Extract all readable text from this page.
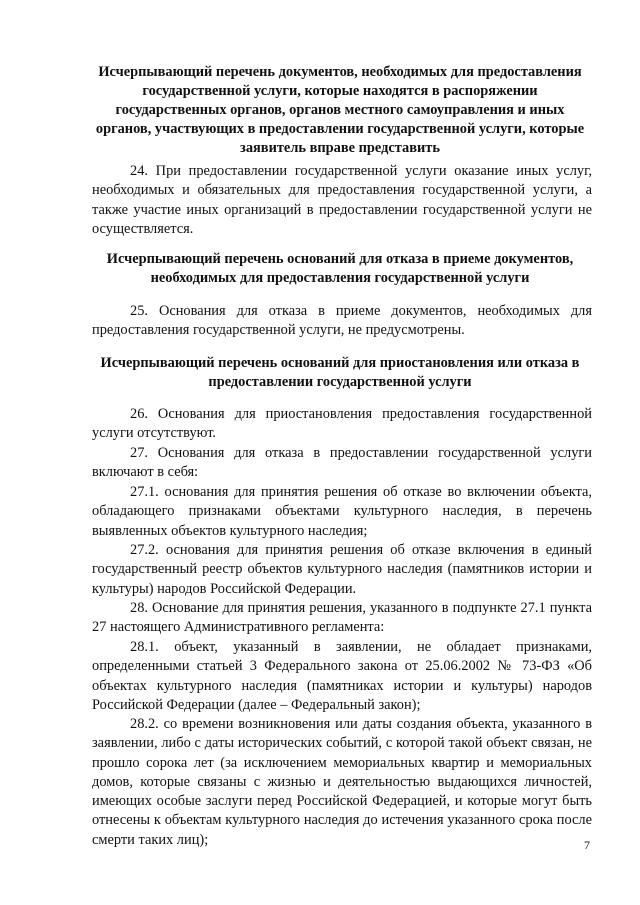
Исчерпывающий перечень документов, необходимых для предоставления государственной услуги, которые находятся в распоряжении государственных органов, органов местного самоуправления и иных органов, участвующих в предоставлении государственной услуги, которые заявитель вправе представить
24. При предоставлении государственной услуги оказание иных услуг, необходимых и обязательных для предоставления государственной услуги, а также участие иных организаций в предоставлении государственной услуги не осуществляется.
Исчерпывающий перечень оснований для отказа в приеме документов, необходимых для предоставления государственной услуги
25. Основания для отказа в приеме документов, необходимых для предоставления государственной услуги, не предусмотрены.
Исчерпывающий перечень оснований для приостановления или отказа в предоставлении государственной услуги
26. Основания для приостановления предоставления государственной услуги отсутствуют.
27. Основания для отказа в предоставлении государственной услуги включают в себя:
27.1. основания для принятия решения об отказе во включении объекта, обладающего признаками объектами культурного наследия, в перечень выявленных объектов культурного наследия;
27.2. основания для принятия решения об отказе включения в единый государственный реестр объектов культурного наследия (памятников истории и культуры) народов Российской Федерации.
28. Основание для принятия решения, указанного в подпункте 27.1 пункта 27 настоящего Административного регламента:
28.1. объект, указанный в заявлении, не обладает признаками, определенными статьей 3 Федерального закона от 25.06.2002 № 73-ФЗ «Об объектах культурного наследия (памятниках истории и культуры) народов Российской Федерации (далее – Федеральный закон);
28.2. со времени возникновения или даты создания объекта, указанного в заявлении, либо с даты исторических событий, с которой такой объект связан, не прошло сорока лет (за исключением мемориальных квартир и мемориальных домов, которые связаны с жизнью и деятельностью выдающихся личностей, имеющих особые заслуги перед Российской Федерацией, и которые могут быть отнесены к объектам культурного наследия до истечения указанного срока после смерти таких лиц);	7
